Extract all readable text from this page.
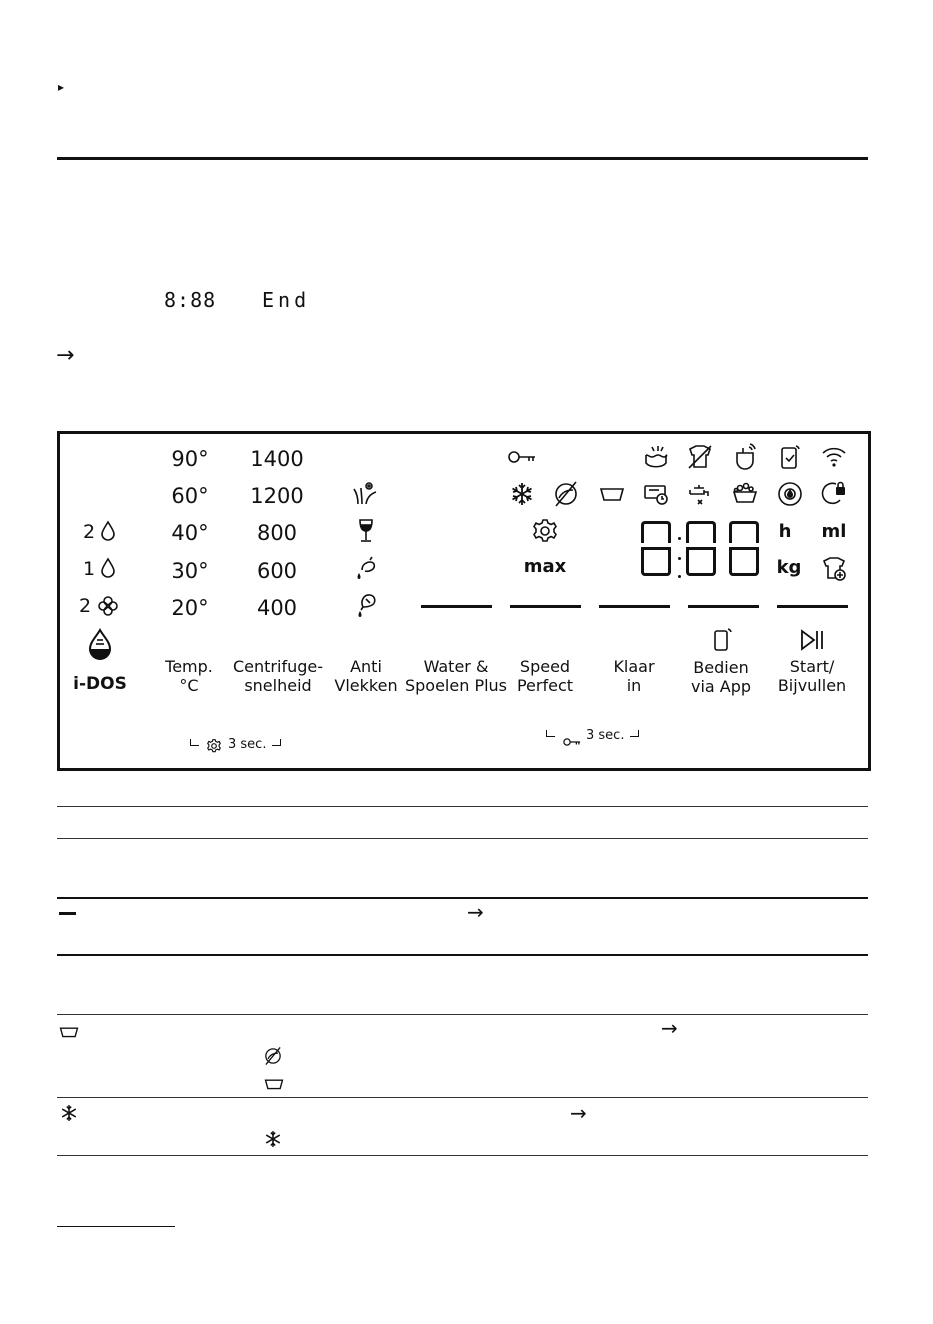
▸
8:88 End
→
90°
60°
40°
30°
20°
1400
1200
800
600
400
2
1
2
i-DOS
max
h ml
kg
Temp.
°C
Centrifuge-
snelheid
Anti
Vlekken
Water &
Spoelen Plus
Speed
Perfect
Klaar
in
Bedien
via App
Start/
Bijvullen
3 sec.
3 sec.
→
→
→
